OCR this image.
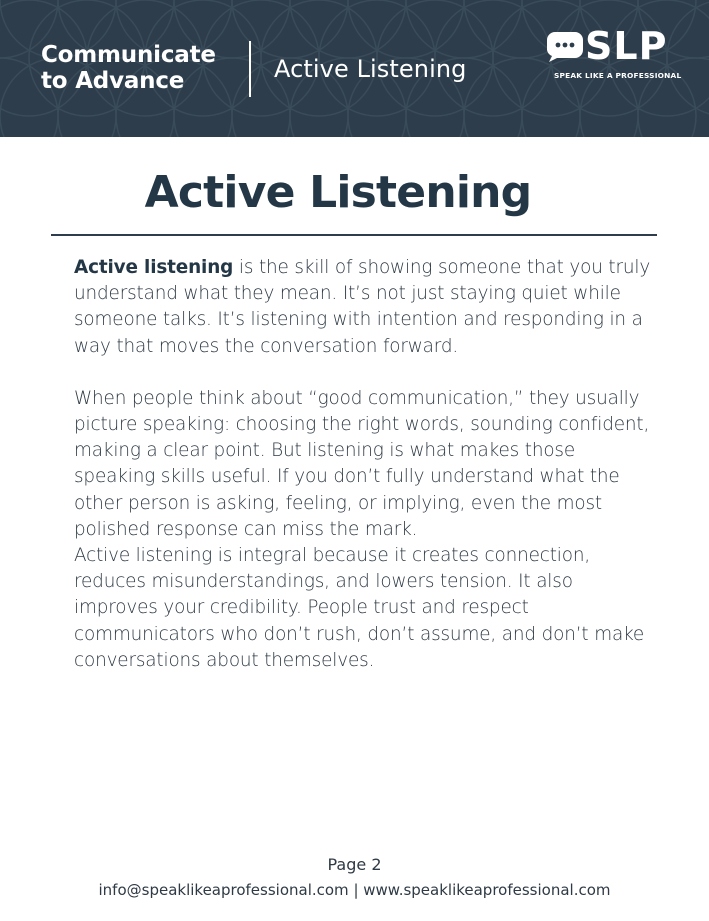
Communicate
to Advance	Active Listening
SLP
SPEAK LIKE A PROFESSIONAL
Active Listening

Active listening is the skill of showing someone that you truly understand what they mean. It’s not just staying quiet while someone talks. It’s listening with intention and responding in a way that moves the conversation forward.

When people think about “good communication,” they usually picture speaking: choosing the right words, sounding confident, making a clear point. But listening is what makes those speaking skills useful. If you don’t fully understand what the other person is asking, feeling, or implying, even the most polished response can miss the mark.

Active listening is integral because it creates connection, reduces misunderstandings, and lowers tension. It also improves your credibility. People trust and respect communicators who don’t rush, don’t assume, and don’t make conversations about themselves.

Page 2
info@speaklikeaprofessional.com | www.speaklikeaprofessional.com
